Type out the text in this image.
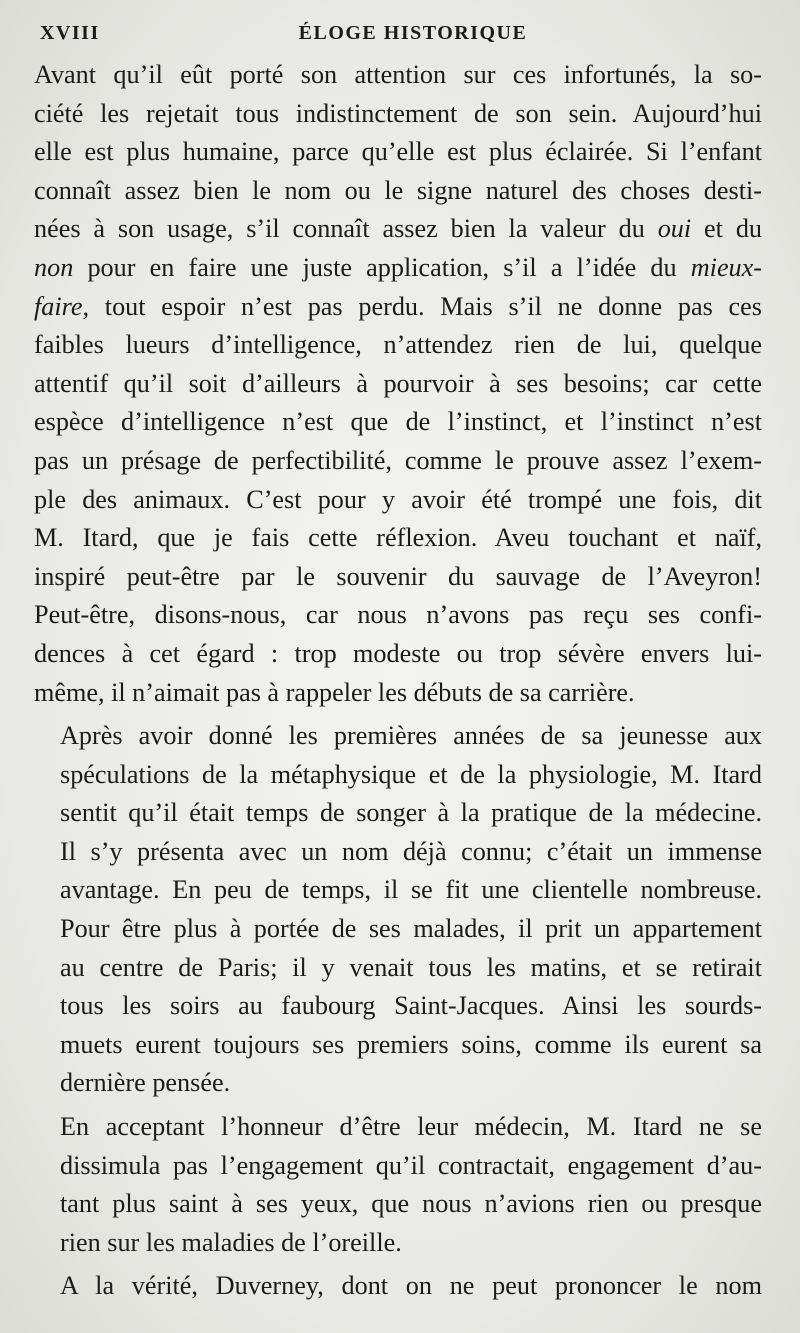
XVIII	ÉLOGE HISTORIQUE
Avant qu’il eût porté son attention sur ces infortunés, la so-
ciété les rejetait tous indistinctement de son sein. Aujourd’hui
elle est plus humaine, parce qu’elle est plus éclairée. Si l’enfant
connaît assez bien le nom ou le signe naturel des choses desti-
nées à son usage, s’il connaît assez bien la valeur du oui et du
non pour en faire une juste application, s’il a l’idée du mieux-
faire, tout espoir n’est pas perdu. Mais s’il ne donne pas ces
faibles lueurs d’intelligence, n’attendez rien de lui, quelque
attentif qu’il soit d’ailleurs à pourvoir à ses besoins; car cette
espèce d’intelligence n’est que de l’instinct, et l’instinct n’est
pas un présage de perfectibilité, comme le prouve assez l’exem-
ple des animaux. C’est pour y avoir été trompé une fois, dit
M. Itard, que je fais cette réflexion. Aveu touchant et naïf,
inspiré peut-être par le souvenir du sauvage de l’Aveyron!
Peut-être, disons-nous, car nous n’avons pas reçu ses confi-
dences à cet égard : trop modeste ou trop sévère envers lui-
même, il n’aimait pas à rappeler les débuts de sa carrière.
Après avoir donné les premières années de sa jeunesse aux
spéculations de la métaphysique et de la physiologie, M. Itard
sentit qu’il était temps de songer à la pratique de la médecine.
Il s’y présenta avec un nom déjà connu; c’était un immense
avantage. En peu de temps, il se fit une clientelle nombreuse.
Pour être plus à portée de ses malades, il prit un appartement
au centre de Paris; il y venait tous les matins, et se retirait
tous les soirs au faubourg Saint-Jacques. Ainsi les sourds-
muets eurent toujours ses premiers soins, comme ils eurent sa
dernière pensée.
En acceptant l’honneur d’être leur médecin, M. Itard ne se
dissimula pas l’engagement qu’il contractait, engagement d’au-
tant plus saint à ses yeux, que nous n’avions rien ou presque
rien sur les maladies de l’oreille.
A la vérité, Duverney, dont on ne peut prononcer le nom
